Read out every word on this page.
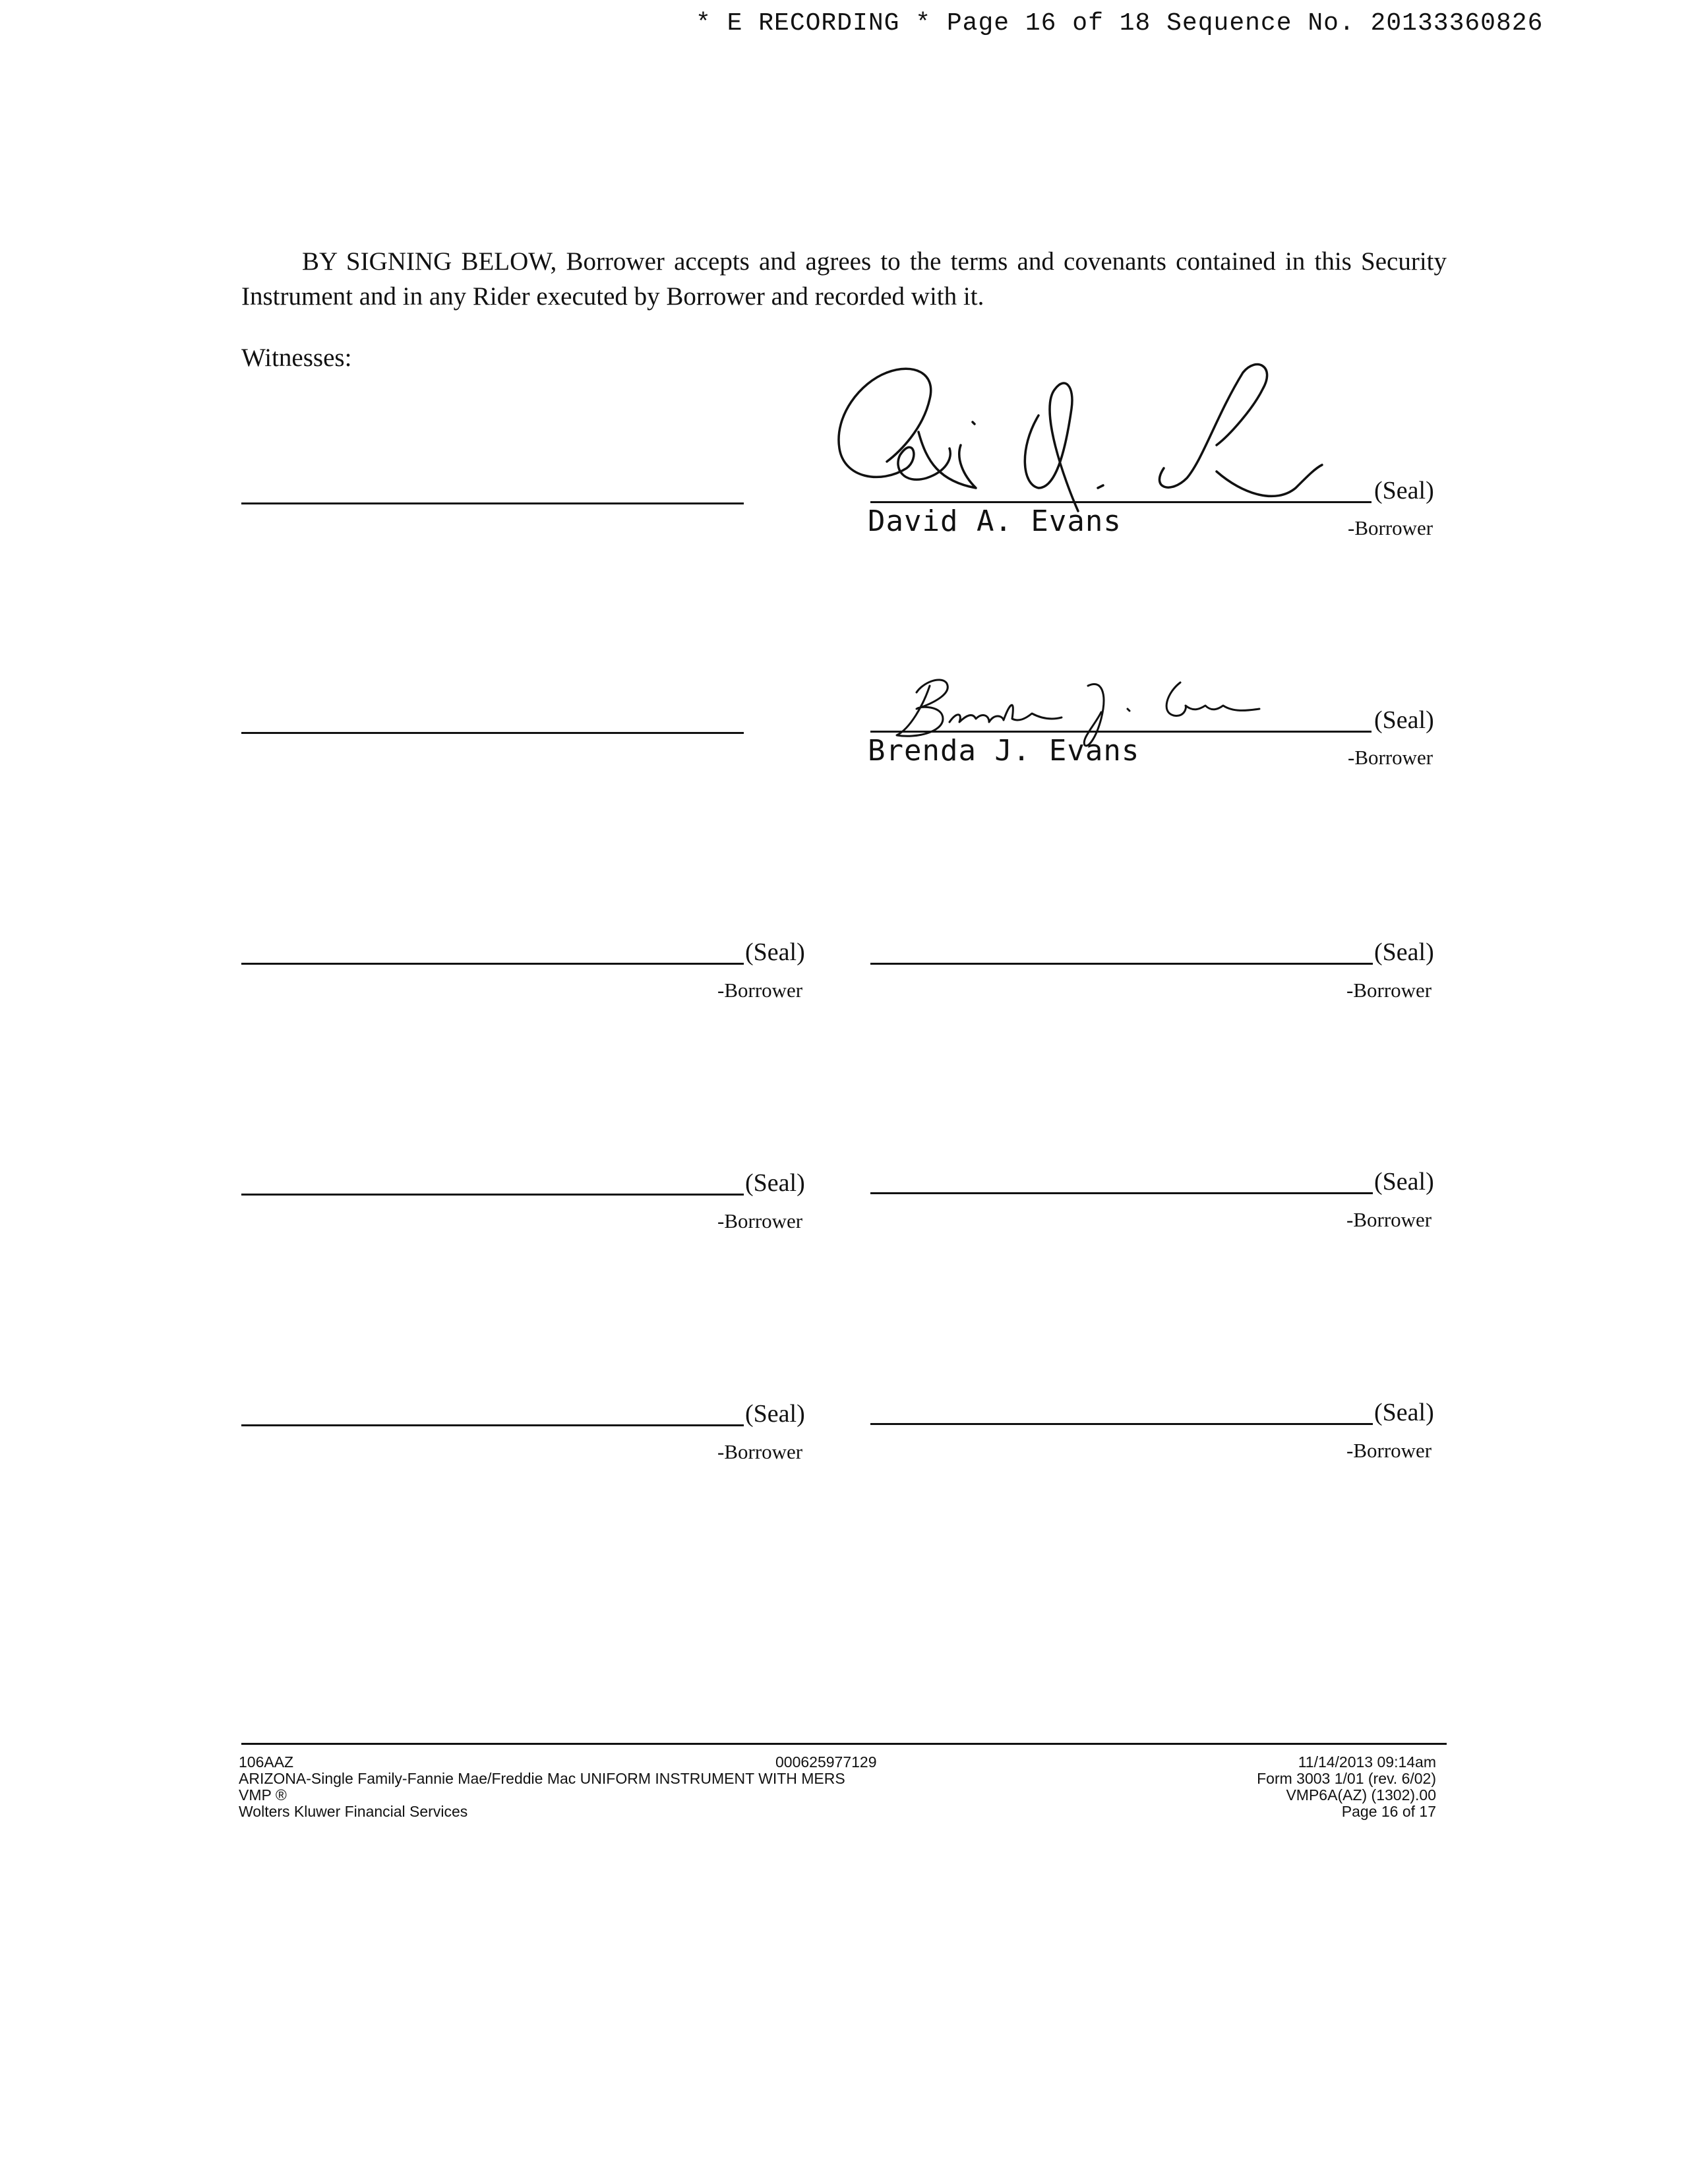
* E RECORDING * Page 16 of 18 Sequence No. 20133360826
BY SIGNING BELOW, Borrower accepts and agrees to the terms and covenants contained in this Security Instrument and in any Rider executed by Borrower and recorded with it.
Witnesses:
(Seal)
David A. Evans	-Borrower
(Seal)
Brenda J. Evans	-Borrower
(Seal)
-Borrower
(Seal)
-Borrower
(Seal)
-Borrower
(Seal)
-Borrower
(Seal)
-Borrower
(Seal)
-Borrower
106AAZ	000625977129
ARIZONA-Single Family-Fannie Mae/Freddie Mac UNIFORM INSTRUMENT WITH MERS
VMP ®
Wolters Kluwer Financial Services
11/14/2013 09:14am
Form 3003 1/01 (rev. 6/02)
VMP6A(AZ) (1302).00
Page 16 of 17
